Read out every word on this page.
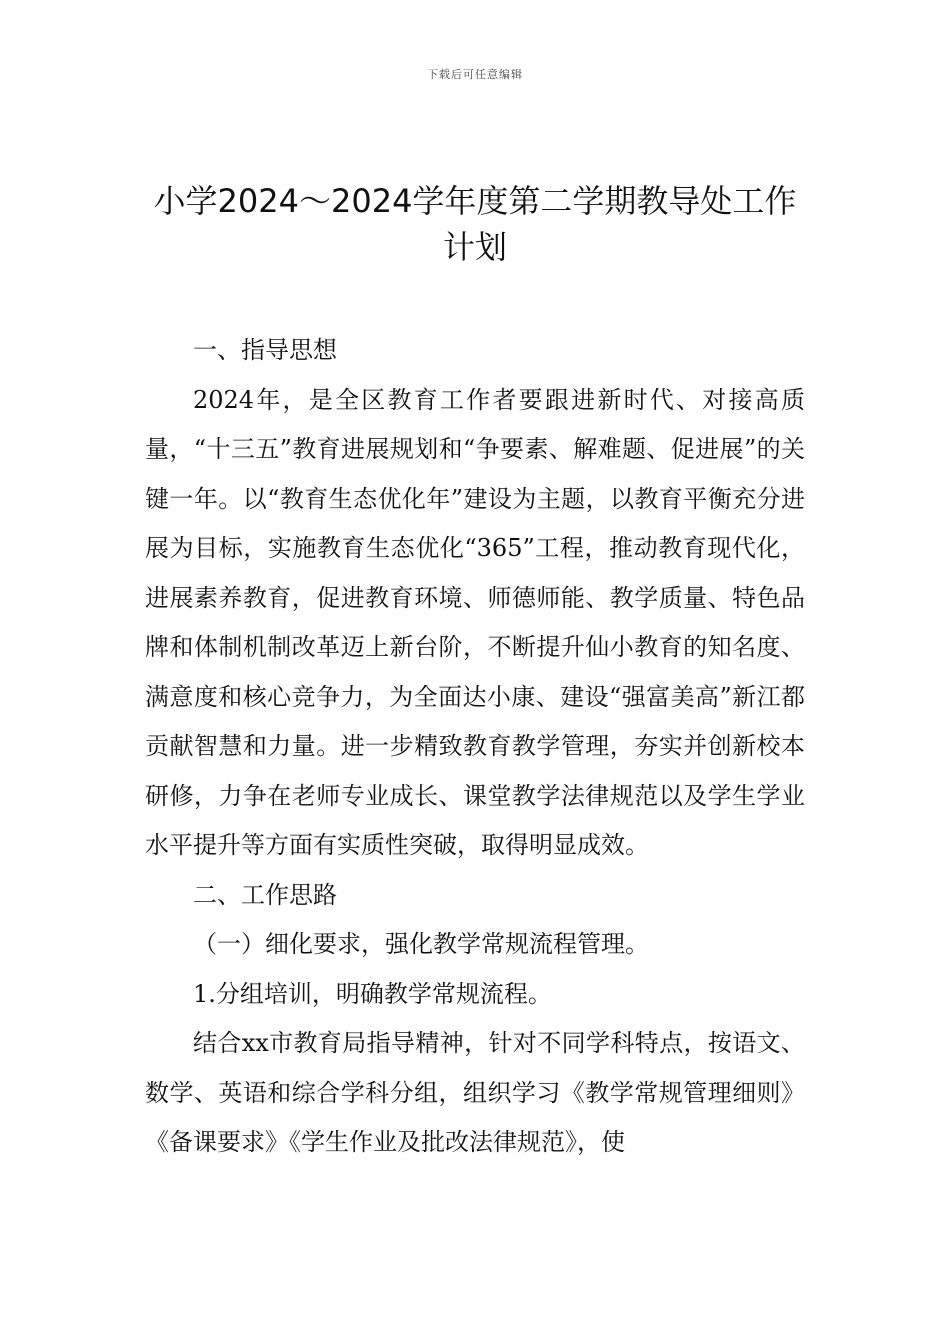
下载后可任意编辑
小学2024～2024学年度第二学期教导处工作计划

一、指导思想

2024年，是全区教育工作者要跟进新时代、对接高质量，“十三五”教育进展规划和“争要素、解难题、促进展”的关键一年。以“教育生态优化年”建设为主题，以教育平衡充分进展为目标，实施教育生态优化“365”工程，推动教育现代化，进展素养教育，促进教育环境、师德师能、教学质量、特色品牌和体制机制改革迈上新台阶，不断提升仙小教育的知名度、满意度和核心竞争力，为全面达小康、建设“强富美高”新江都贡献智慧和力量。进一步精致教育教学管理，夯实并创新校本研修，力争在老师专业成长、课堂教学法律规范以及学生学业水平提升等方面有实质性突破，取得明显成效。

二、工作思路

（一）细化要求，强化教学常规流程管理。

1.分组培训，明确教学常规流程。

结合xx市教育局指导精神，针对不同学科特点，按语文、数学、英语和综合学科分组，组织学习《教学常规管理细则》《备课要求》《学生作业及批改法律规范》，使
